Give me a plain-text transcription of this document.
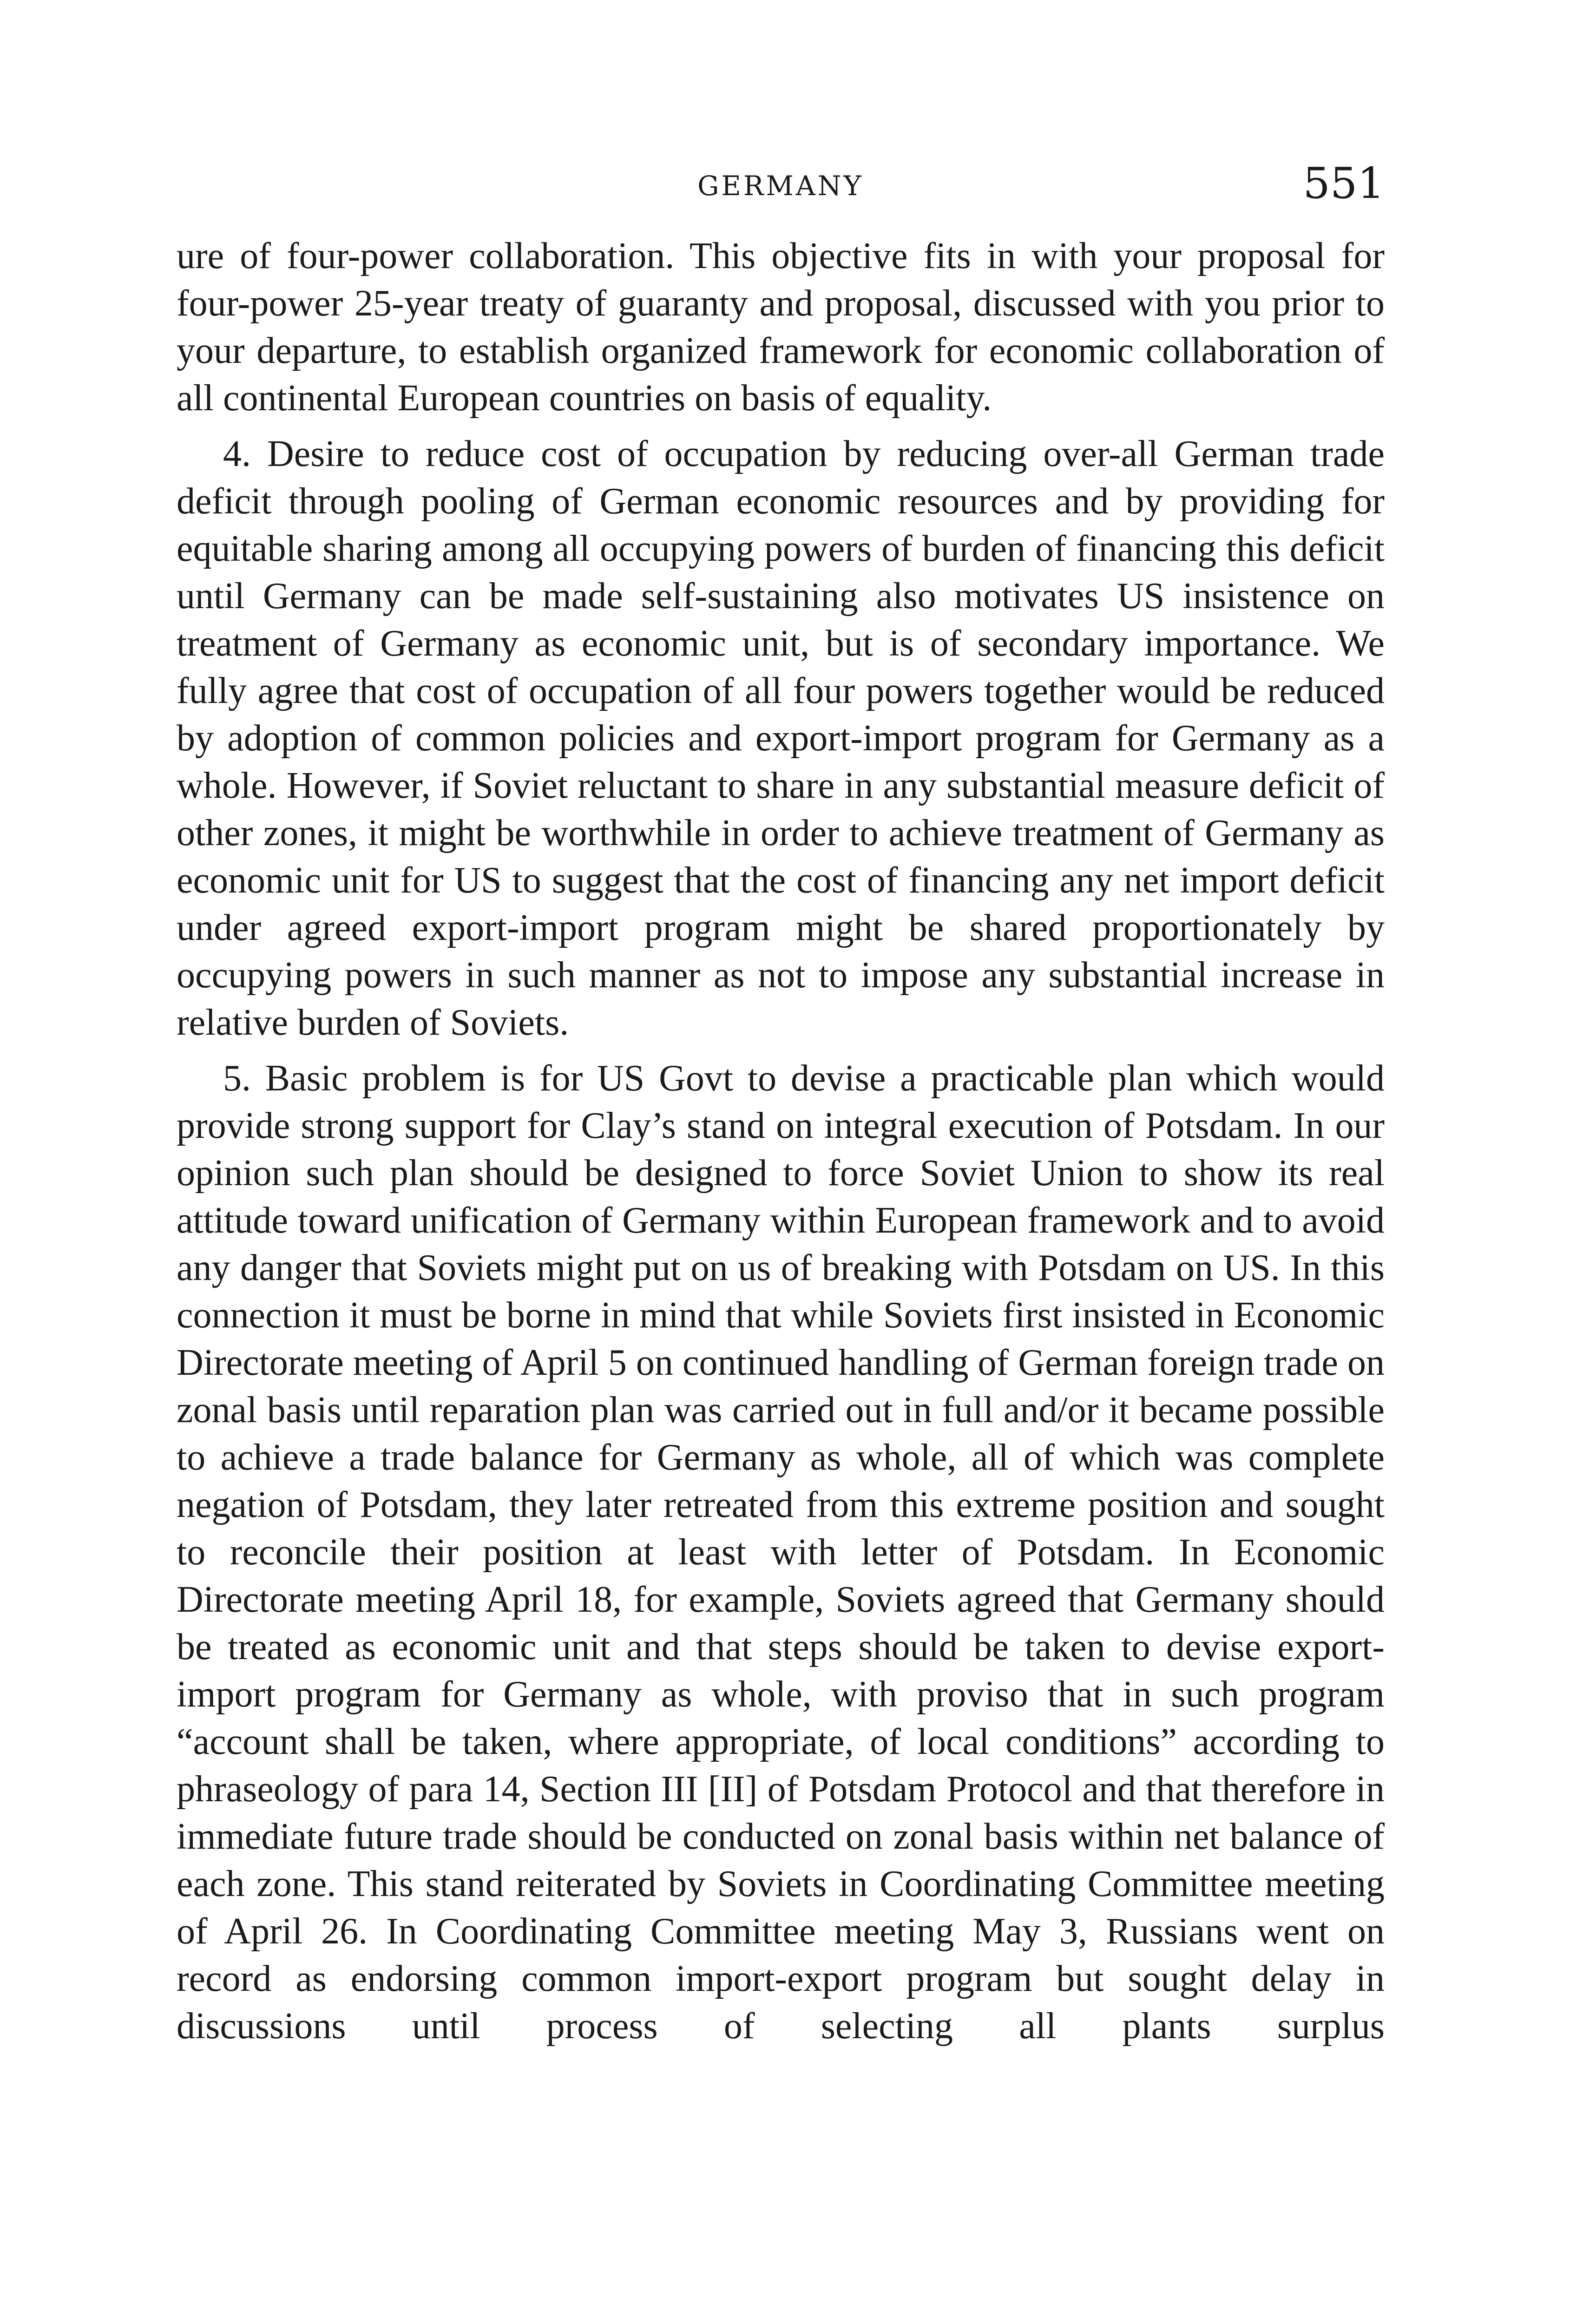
GERMANY	551

ure of four-power collaboration. This objective fits in with your proposal for four-power 25-year treaty of guaranty and proposal, discussed with you prior to your departure, to establish organized framework for economic collaboration of all continental European countries on basis of equality.

4. Desire to reduce cost of occupation by reducing over-all German trade deficit through pooling of German economic resources and by providing for equitable sharing among all occupying powers of burden of financing this deficit until Germany can be made self-sustaining also motivates US insistence on treatment of Germany as economic unit, but is of secondary importance. We fully agree that cost of occupation of all four powers together would be reduced by adoption of common policies and export-import program for Germany as a whole. However, if Soviet reluctant to share in any substantial measure deficit of other zones, it might be worthwhile in order to achieve treatment of Germany as economic unit for US to suggest that the cost of financing any net import deficit under agreed export-import program might be shared proportionately by occupying powers in such manner as not to impose any substantial increase in relative burden of Soviets.

5. Basic problem is for US Govt to devise a practicable plan which would provide strong support for Clay’s stand on integral execution of Potsdam. In our opinion such plan should be designed to force Soviet Union to show its real attitude toward unification of Germany within European framework and to avoid any danger that Soviets might put on us of breaking with Potsdam on US. In this connection it must be borne in mind that while Soviets first insisted in Economic Directorate meeting of April 5 on continued handling of German foreign trade on zonal basis until reparation plan was carried out in full and/or it became possible to achieve a trade balance for Germany as whole, all of which was complete negation of Potsdam, they later retreated from this extreme position and sought to reconcile their position at least with letter of Potsdam. In Economic Directorate meeting April 18, for example, Soviets agreed that Germany should be treated as economic unit and that steps should be taken to devise export-import program for Germany as whole, with proviso that in such program “account shall be taken, where appropriate, of local conditions” according to phraseology of para 14, Section III [II] of Potsdam Protocol and that therefore in immediate future trade should be conducted on zonal basis within net balance of each zone. This stand reiterated by Soviets in Coordinating Committee meeting of April 26. In Coordinating Committee meeting May 3, Russians went on record as endorsing common import-export program but sought delay in discussions until process of selecting all plants surplus
